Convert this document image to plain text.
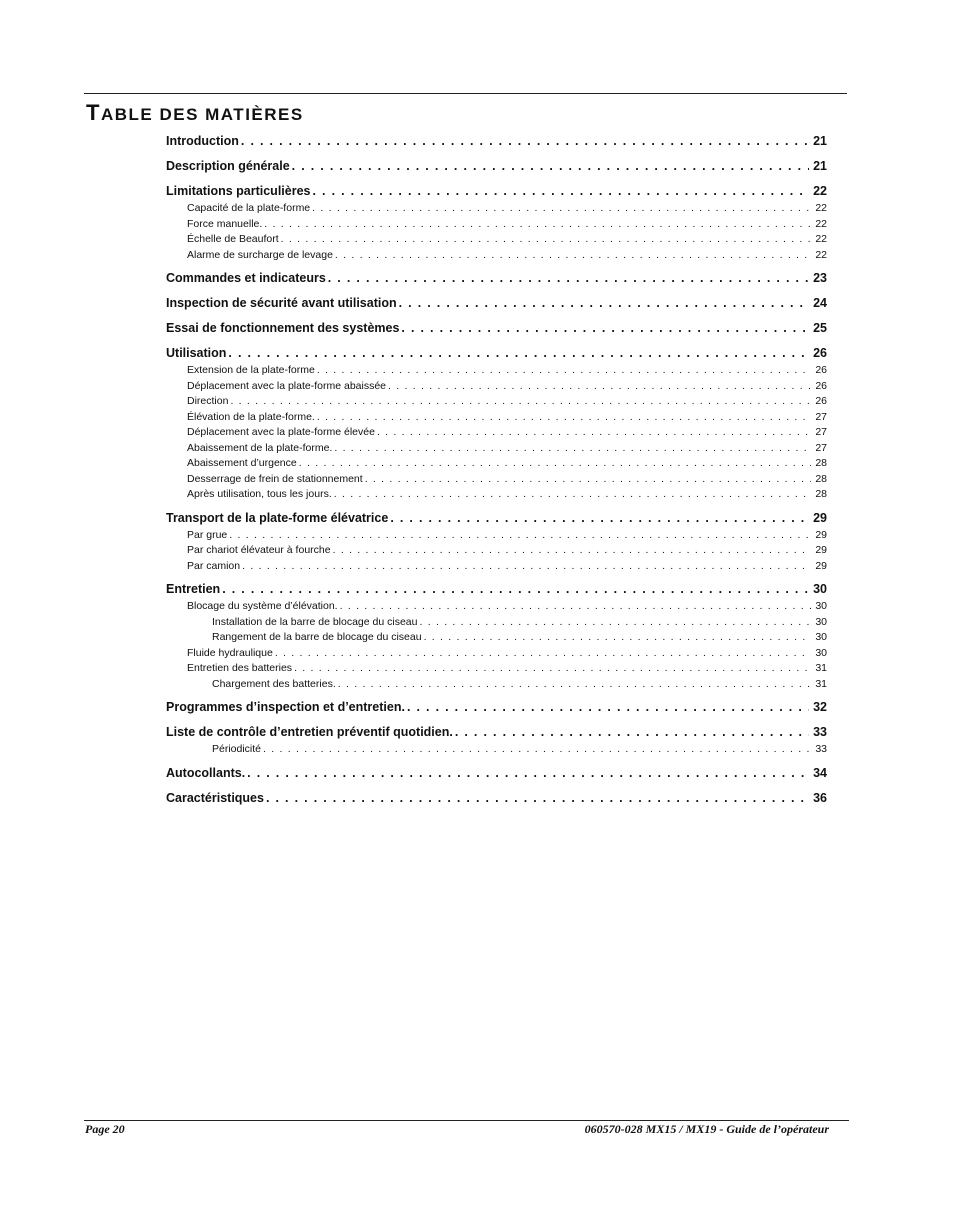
TABLE DES MATIÈRES
Introduction . . .	21
Description générale . . .	21
Limitations particulières . . .	22
Capacité de la plate-forme . . .	22
Force manuelle. . . .	22
Échelle de Beaufort . . .	22
Alarme de surcharge de levage . . .	22
Commandes et indicateurs . . .	23
Inspection de sécurité avant utilisation . . .	24
Essai de fonctionnement des systèmes . . .	25
Utilisation . . .	26
Extension de la plate-forme . . .	26
Déplacement avec la plate-forme abaissée . . .	26
Direction . . .	26
Élévation de la plate-forme. . . .	27
Déplacement avec la plate-forme élevée . . .	27
Abaissement de la plate-forme. . . .	27
Abaissement d’urgence . . .	28
Desserrage de frein de stationnement . . .	28
Après utilisation, tous les jours. . . .	28
Transport de la plate-forme élévatrice . . .	29
Par grue . . .	29
Par chariot élévateur à fourche . . .	29
Par camion . . .	29
Entretien . . .	30
Blocage du système d’élévation. . . .	30
Installation de la barre de blocage du ciseau . . .	30
Rangement de la barre de blocage du ciseau . . .	30
Fluide hydraulique . . .	30
Entretien des batteries . . .	31
Chargement des batteries. . . .	31
Programmes d’inspection et d’entretien. . . .	32
Liste de contrôle d’entretien préventif quotidien. . . .	33
Périodicité . . .	33
Autocollants. . . .	34
Caractéristiques . . .	36
Page 20	060570-028 MX15 / MX19 - Guide de l’opérateur
